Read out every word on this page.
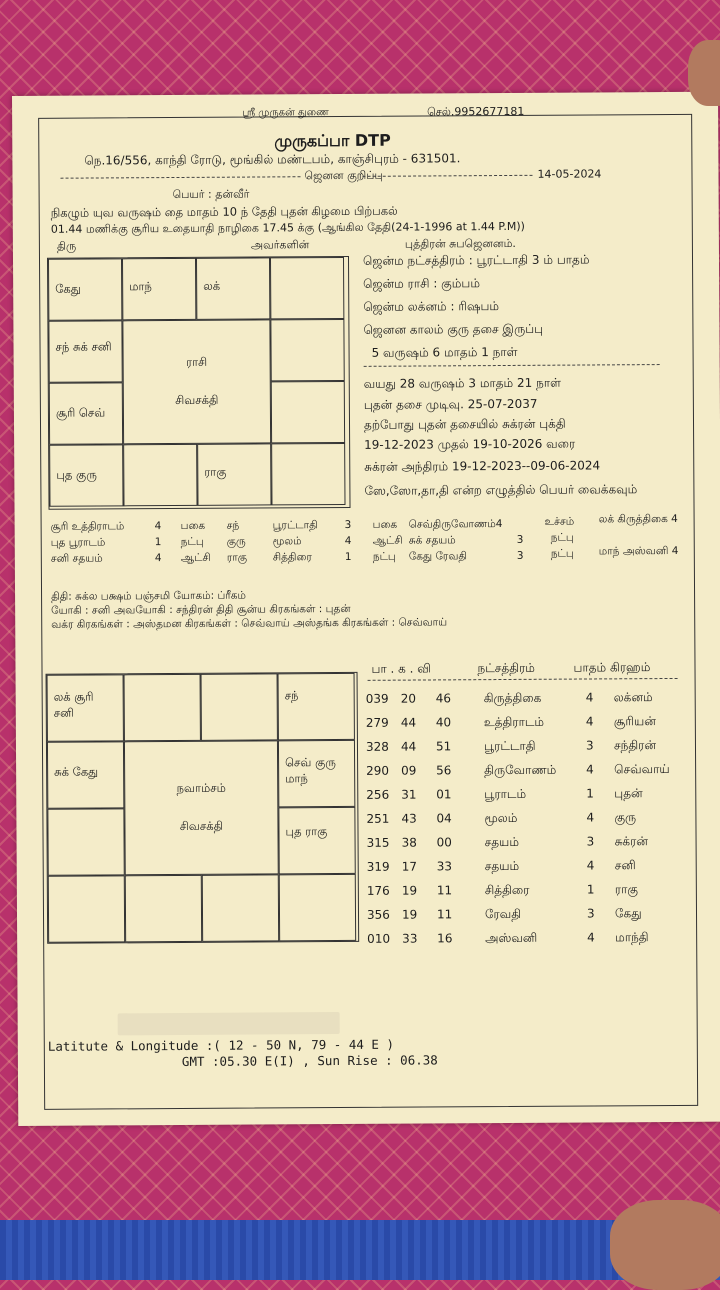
ஸ்ரீ முருகன் துணை	செல்.9952677181
முருகப்பா DTP
நெ.16/556, காந்தி ரோடு, மூங்கில் மண்டபம், காஞ்சிபுரம் - 631501.
ஜெனன குறிப்பு	14-05-2024
பெயர் : தன்வீர்
நிகழும் யுவ வருஷம் தை மாதம் 10 ந் தேதி புதன் கிழமை பிற்பகல்
01.44 மணிக்கு சூரிய உதையாதி நாழிகை 17.45 க்கு (ஆங்கில தேதி(24-1-1996 at 1.44 P.M))
திரு	அவர்களின்	புத்திரன் சுபஜெனனம்.
கேது	மாந்	லக்
சந் சுக் சனி
சூரி செவ்
புத குரு	ராகு
ராசி
சிவசக்தி
ஜென்ம நட்சத்திரம் : பூரட்டாதி 3 ம் பாதம்
ஜென்ம ராசி : கும்பம்
ஜென்ம லக்னம் : ரிஷபம்
ஜெனன காலம் குரு தசை இருப்பு
5 வருஷம் 6 மாதம் 1 நாள்
வயது 28 வருஷம் 3 மாதம் 21 நாள்
புதன் தசை முடிவு. 25-07-2037
தற்போது புதன் தசையில் சுக்ரன் புக்தி
19-12-2023 முதல் 19-10-2026 வரை
சுக்ரன் அந்திரம் 19-12-2023--09-06-2024
ஸே,ஸோ,தா,தி என்ற எழுத்தில் பெயர் வைக்கவும்
சூரி உத்திராடம்	4 பகை சந்	பூரட்டாதி	3 பகை செவ்திருவோணம்4	உச்சம் லக் கிருத்திகை 4
புத பூராடம்	1 நட்பு குரு	மூலம்	4 ஆட்சி சுக் சதயம்	3	நட்பு
சனி சதயம்	4 ஆட்சி ராகு சித்திரை	1 நட்பு கேது ரேவதி	3	நட்பு மாந் அஸ்வனி 4
திதி: சுக்ல பக்ஷம் பஞ்சமி யோகம்: ப்ரீகம்
யோகி : சனி அவயோகி : சந்திரன் திதி சூன்ய கிரகங்கள் : புதன்
வக்ர கிரகங்கள் : அஸ்தமன கிரகங்கள் : செவ்வாய் அஸ்தங்க கிரகங்கள் : செவ்வாய்
லக் சூரி சனி
சந்
சுக் கேது
செவ் குரு மாந்
புத ராகு
நவாம்சம்
சிவசக்தி
பா . க . வி	நட்சத்திரம்	பாதம் கிரஹம்
039 20 46	கிருத்திகை	4 லக்னம்
279 44 40	உத்திராடம்	4 சூரியன்
328 44 51	பூரட்டாதி	3 சந்திரன்
290 09 56	திருவோணம் 4 செவ்வாய்
256 31 01	பூராடம்	1 புதன்
251 43 04	மூலம்	4 குரு
315 38 00	சதயம்	3 சுக்ரன்
319 17 33	சதயம்	4 சனி
176 19 11	சித்திரை	1 ராகு
356 19 11	ரேவதி	3 கேது
010 33 16	அஸ்வனி	4 மாந்தி
Latitute & Longitude :( 12 - 50 N, 79 - 44 E )
GMT :05.30 E(I) , Sun Rise : 06.38
